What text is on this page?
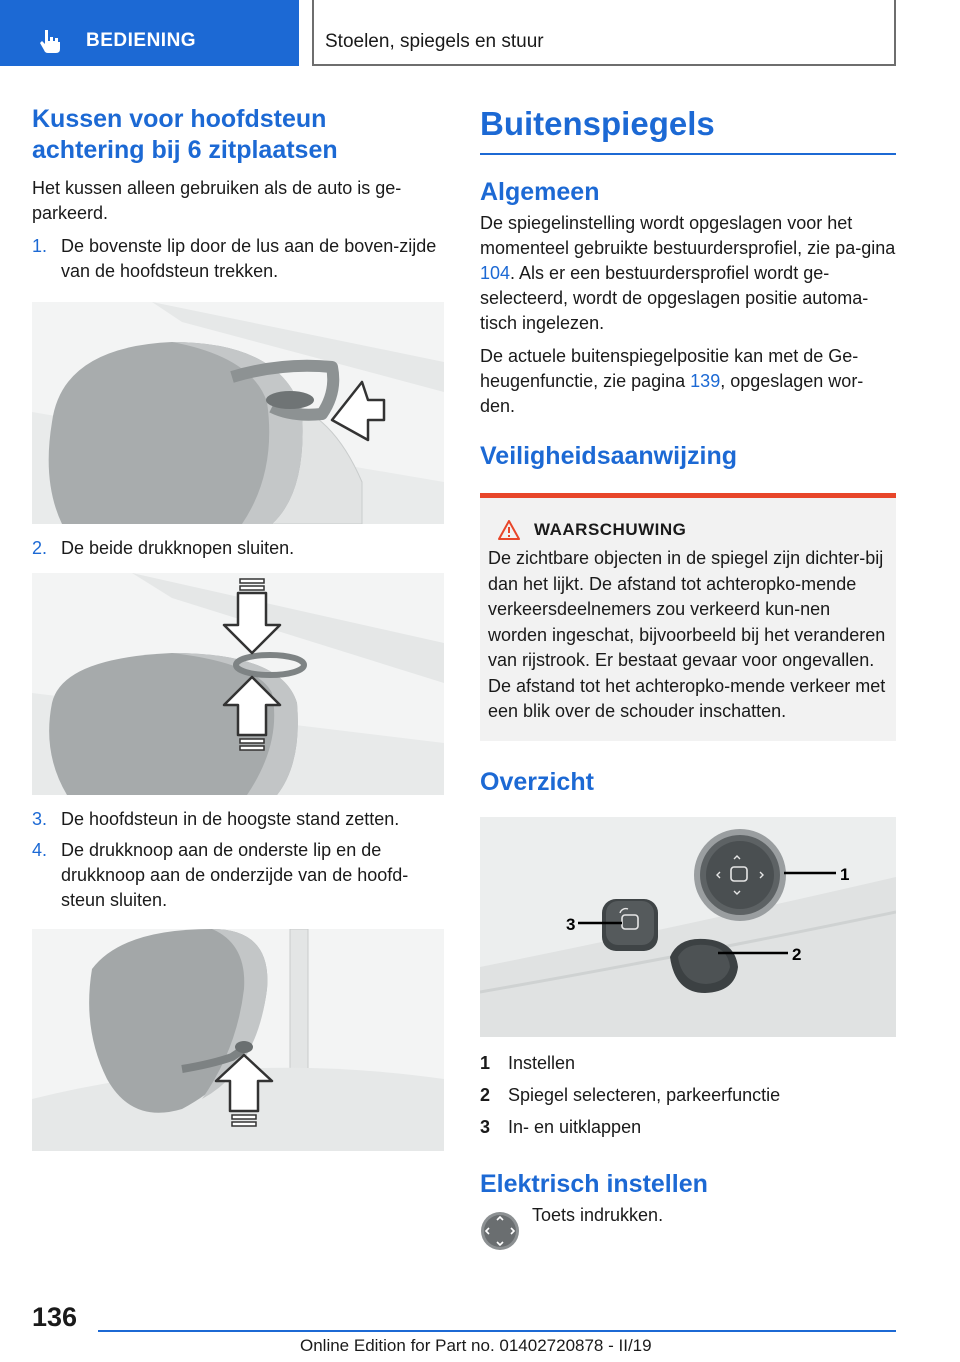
BEDIENING	Stoelen, spiegels en stuur
Kussen voor hoofdsteun achtering bij 6 zitplaatsen

Het kussen alleen gebruiken als de auto is ge-parkeerd.

1. De bovenste lip door de lus aan de boven-zijde van de hoofdsteun trekken.
2. De beide drukknopen sluiten.
3. De hoofdsteun in de hoogste stand zetten.
4. De drukknoop aan de onderste lip en de drukknoop aan de onderzijde van de hoofd-steun sluiten.
Buitenspiegels
Algemeen

De spiegelinstelling wordt opgeslagen voor het momenteel gebruikte bestuurdersprofiel, zie pa-gina 104. Als er een bestuurdersprofiel wordt ge-selecteerd, wordt de opgeslagen positie automa-tisch ingelezen.

De actuele buitenspiegelpositie kan met de Ge-heugenfunctie, zie pagina 139, opgeslagen wor-den.

Veiligheidsaanwijzing
WAARSCHUWING

De zichtbare objecten in de spiegel zijn dichter-bij dan het lijkt. De afstand tot achteropko-mende verkeersdeelnemers zou verkeerd kun-nen worden ingeschat, bijvoorbeeld bij het veranderen van rijstrook. Er bestaat gevaar voor ongevallen. De afstand tot het achteropko-mende verkeer met een blik over de schouder inschatten.

Overzicht
1
3
2
1 Instellen
2 Spiegel selecteren, parkeerfunctie
3 In- en uitklappen
Elektrisch instellen

Toets indrukken.

136
Online Edition for Part no. 01402720878 - II/19
